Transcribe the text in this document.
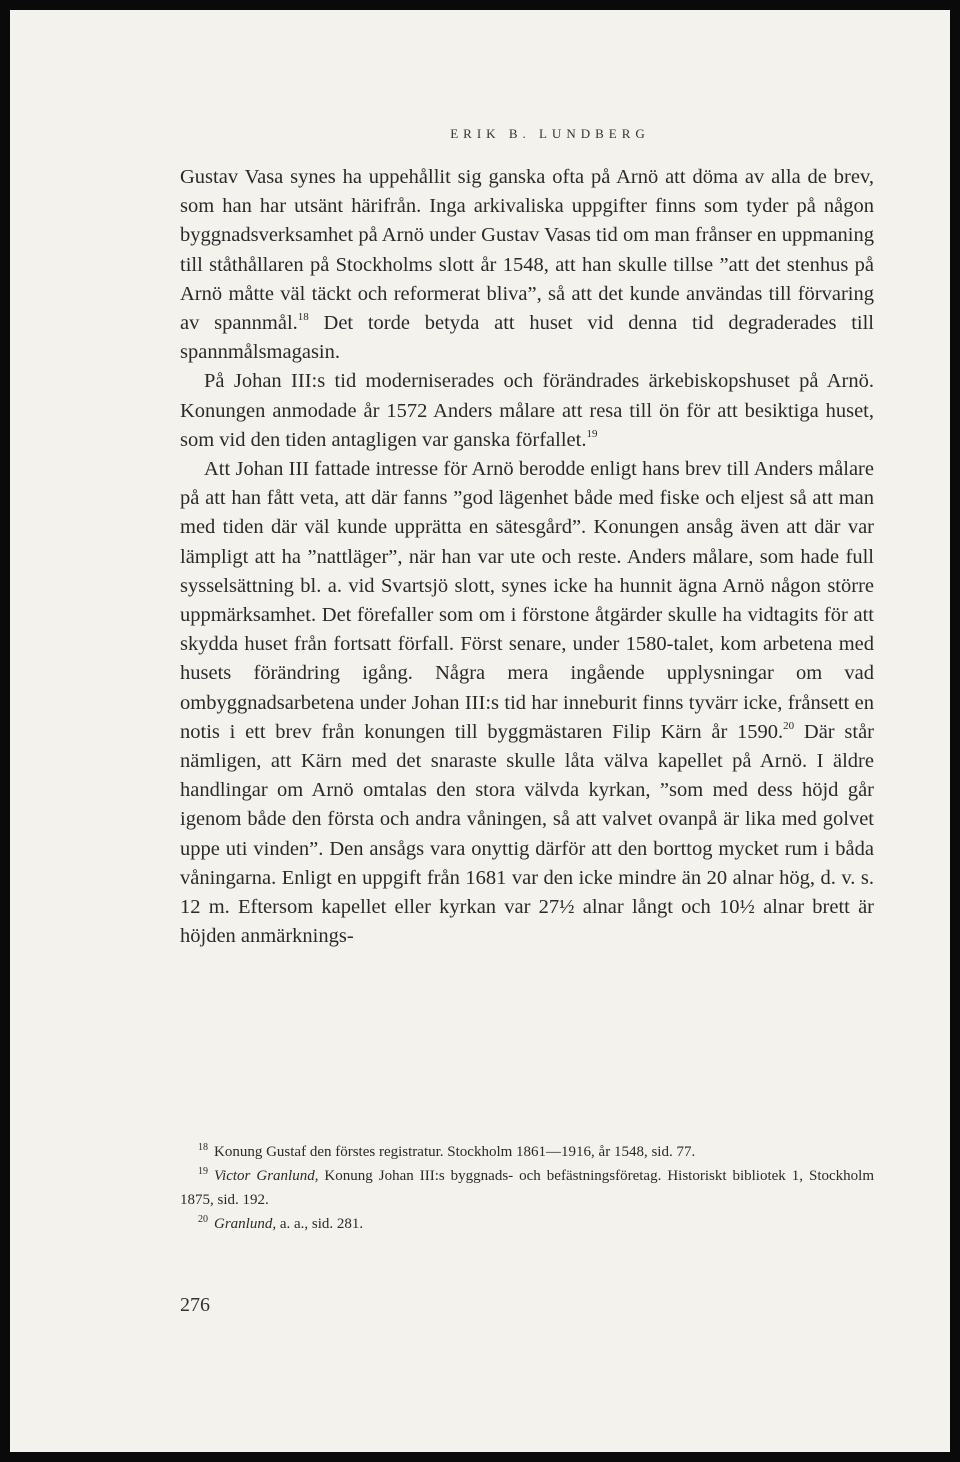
ERIK B. LUNDBERG

Gustav Vasa synes ha uppehållit sig ganska ofta på Arnö att döma av alla de brev, som han har utsänt härifrån. Inga arkivaliska uppgifter finns som tyder på någon byggnadsverksamhet på Arnö under Gustav Vasas tid om man frånser en uppmaning till ståthållaren på Stockholms slott år 1548, att han skulle tillse ”att det stenhus på Arnö måtte väl täckt och reformerat bliva”, så att det kunde användas till förvaring av spannmål.$^{18}$ Det torde betyda att huset vid denna tid degraderades till spannmålsmagasin.

På Johan III:s tid moderniserades och förändrades ärkebiskopshuset på Arnö. Konungen anmodade år 1572 Anders målare att resa till ön för att besiktiga huset, som vid den tiden antagligen var ganska förfallet.$^{19}$

Att Johan III fattade intresse för Arnö berodde enligt hans brev till Anders målare på att han fått veta, att där fanns ”god lägenhet både med fiske och eljest så att man med tiden där väl kunde upprätta en sätesgård”. Konungen ansåg även att där var lämpligt att ha ”nattläger”, när han var ute och reste. Anders målare, som hade full sysselsättning bl. a. vid Svartsjö slott, synes icke ha hunnit ägna Arnö någon större uppmärksamhet. Det förefaller som om i förstone åtgärder skulle ha vidtagits för att skydda huset från fortsatt förfall. Först senare, under 1580-talet, kom arbetena med husets förändring igång. Några mera ingående upplysningar om vad ombyggnadsarbetena under Johan III:s tid har inneburit finns tyvärr icke, frånsett en notis i ett brev från konungen till byggmästaren Filip Kärn år 1590.20 Där står nämligen, att Kärn med det snaraste skulle låta välva kapellet på Arnö. I äldre handlingar om Arnö omtalas den stora välvda kyrkan, ”som med dess höjd går igenom både den första och andra våningen, så att valvet ovanpå är lika med golvet uppe uti vinden”. Den ansågs vara onyttig därför att den borttog mycket rum i båda våningarna. Enligt en uppgift från 1681 var den icke mindre än 20 alnar hög, d. v. s. 12 m. Eftersom kapellet eller kyrkan var 27½ alnar långt och 10½ alnar brett är höjden anmärknings-

$^{18}$ Konung Gustaf den förstes registratur. Stockholm 1861—1916, år 1548, sid. 77.

$^{19}$ Victor Granlund, Konung Johan III:s byggnads- och befästningsföretag. Historiskt bibliotek 1, Stockholm 1875, sid. 192.

$^{20}$ Granlund, a. a., sid. 281.

276
